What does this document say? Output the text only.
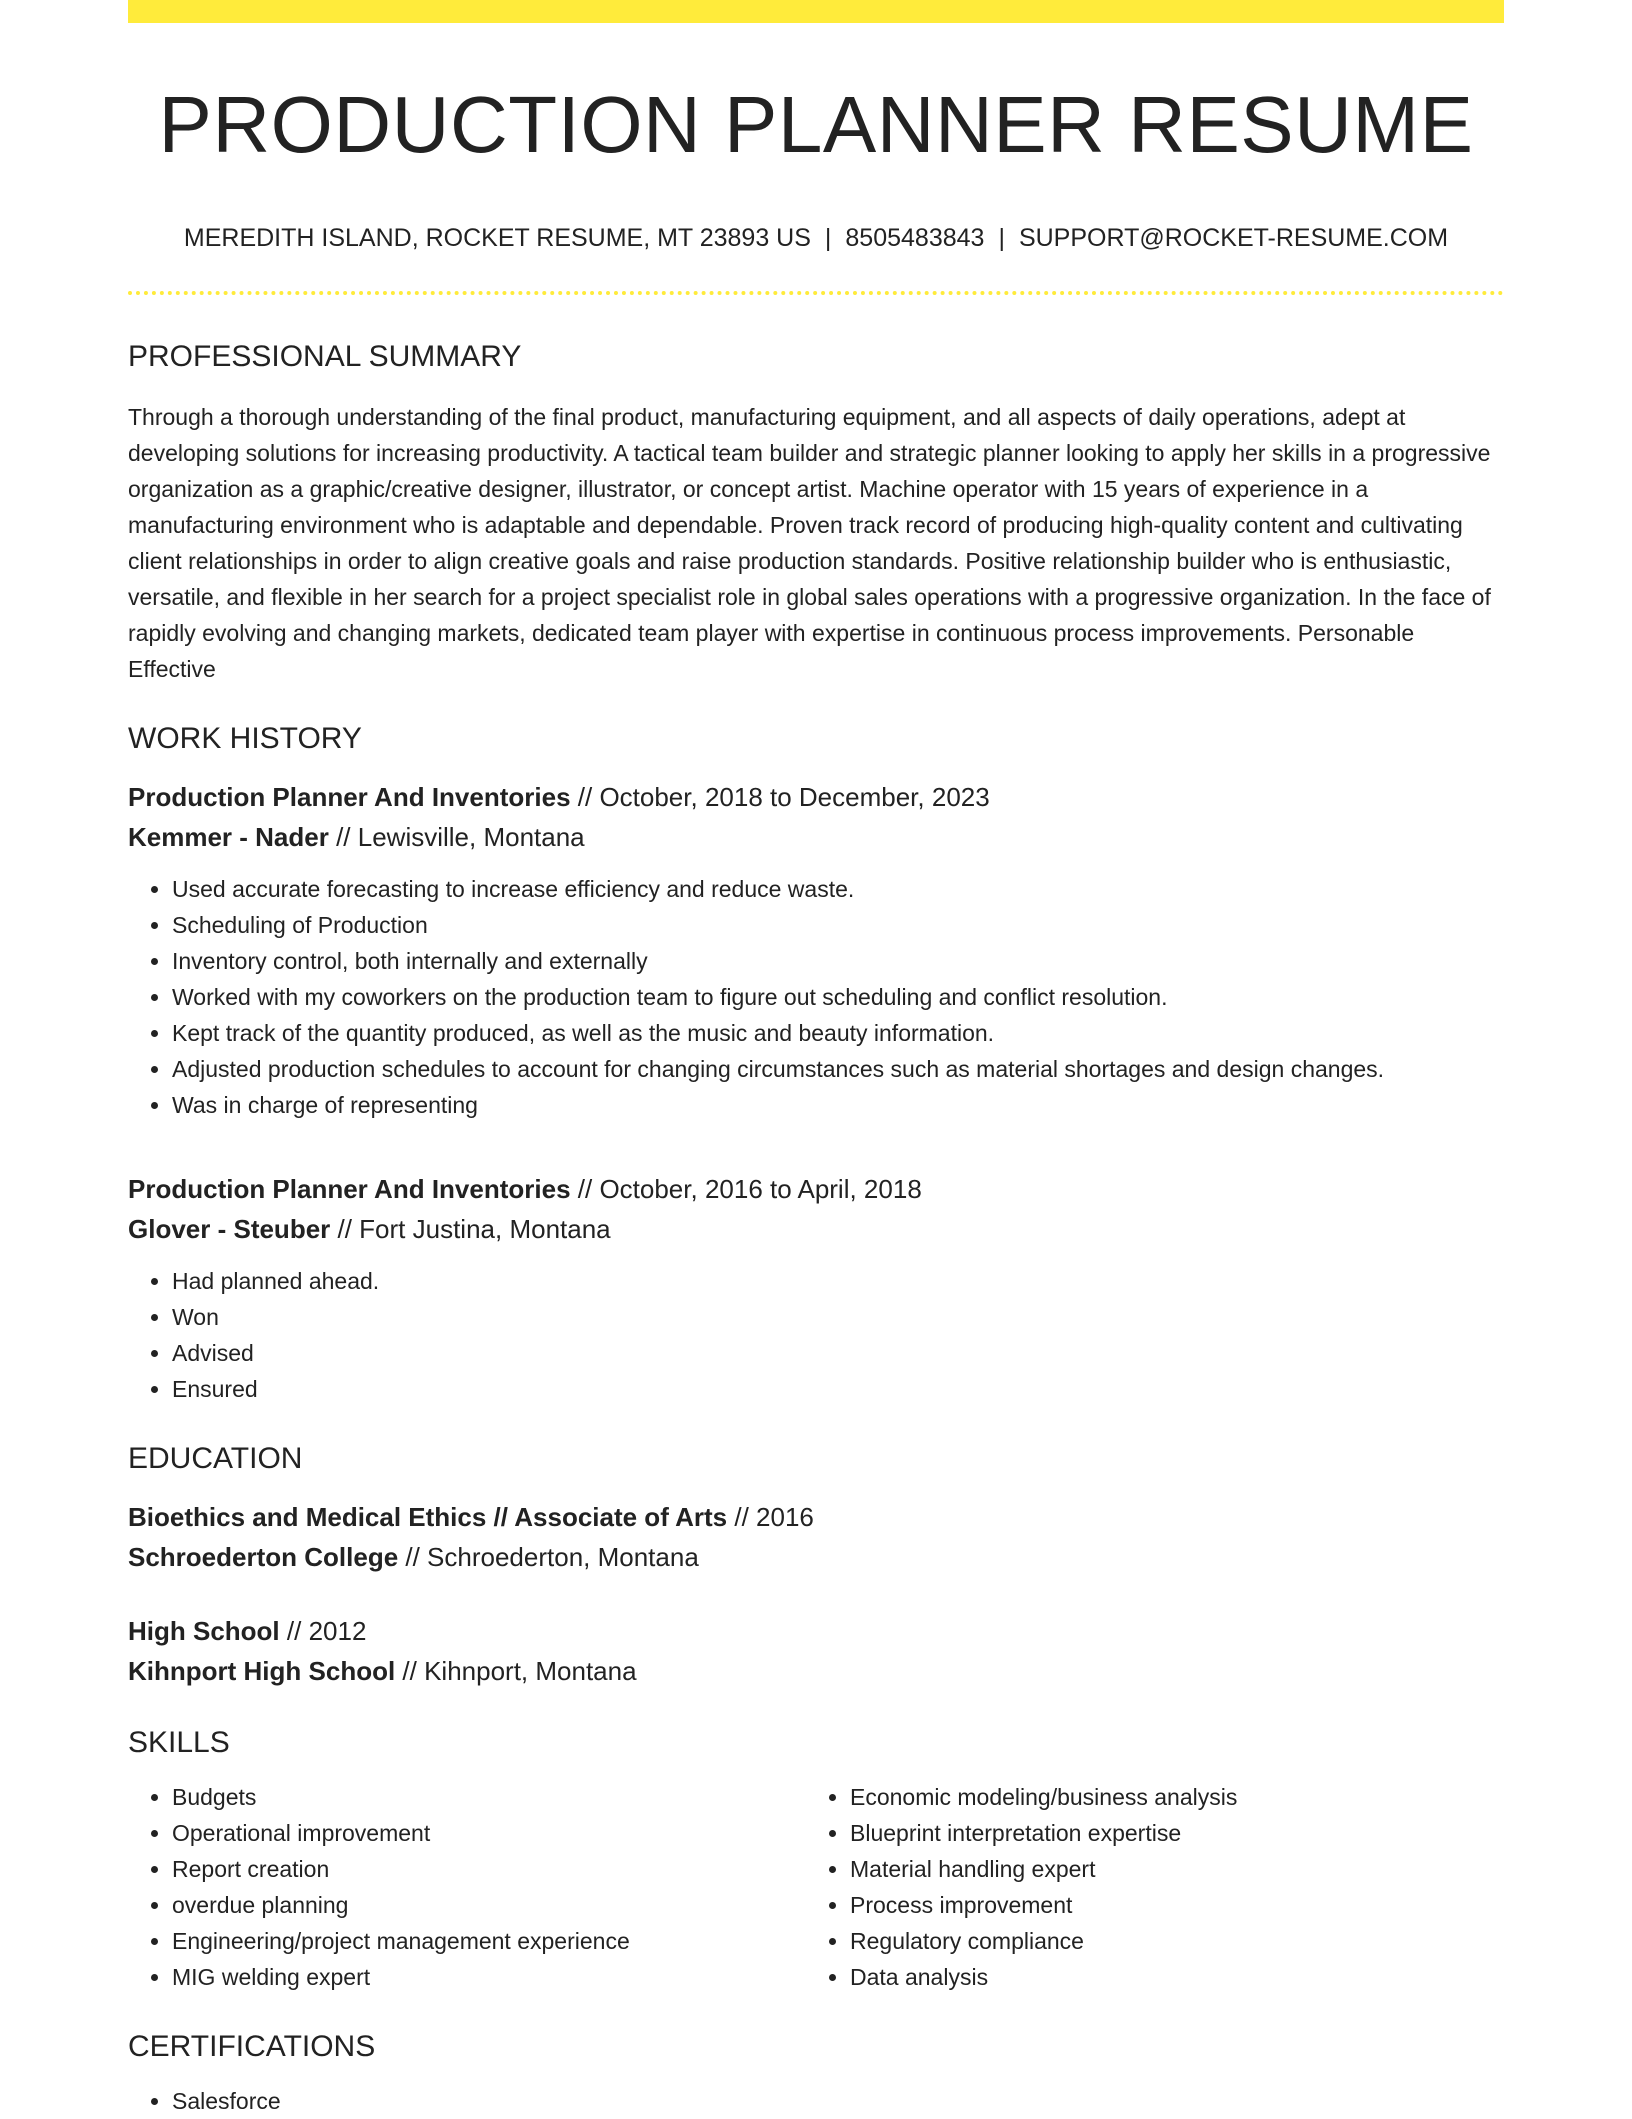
PRODUCTION PLANNER RESUME
MEREDITH ISLAND, ROCKET RESUME, MT 23893 US | 8505483843 | SUPPORT@ROCKET-RESUME.COM
PROFESSIONAL SUMMARY

Through a thorough understanding of the final product, manufacturing equipment, and all aspects of daily operations, adept at developing solutions for increasing productivity. A tactical team builder and strategic planner looking to apply her skills in a progressive organization as a graphic/creative designer, illustrator, or concept artist. Machine operator with 15 years of experience in a manufacturing environment who is adaptable and dependable. Proven track record of producing high-quality content and cultivating client relationships in order to align creative goals and raise production standards. Positive relationship builder who is enthusiastic, versatile, and flexible in her search for a project specialist role in global sales operations with a progressive organization. In the face of rapidly evolving and changing markets, dedicated team player with expertise in continuous process improvements. Personable Effective

WORK HISTORY
Production Planner And Inventories // October, 2018 to December, 2023
Kemmer - Nader // Lewisville, Montana
• Used accurate forecasting to increase efficiency and reduce waste.
• Scheduling of Production
• Inventory control, both internally and externally
• Worked with my coworkers on the production team to figure out scheduling and conflict resolution.
• Kept track of the quantity produced, as well as the music and beauty information.
• Adjusted production schedules to account for changing circumstances such as material shortages and design changes.
• Was in charge of representing
Production Planner And Inventories // October, 2016 to April, 2018
Glover - Steuber // Fort Justina, Montana
• Had planned ahead.
• Won
• Advised
• Ensured
EDUCATION
Bioethics and Medical Ethics // Associate of Arts // 2016
Schroederton College // Schroederton, Montana
High School // 2012
Kihnport High School // Kihnport, Montana
SKILLS
• Budgets
• Operational improvement
• Report creation
• overdue planning
• Engineering/project management experience
• MIG welding expert
• Economic modeling/business analysis
• Blueprint interpretation expertise
• Material handling expert
• Process improvement
• Regulatory compliance
• Data analysis
CERTIFICATIONS
• Salesforce
